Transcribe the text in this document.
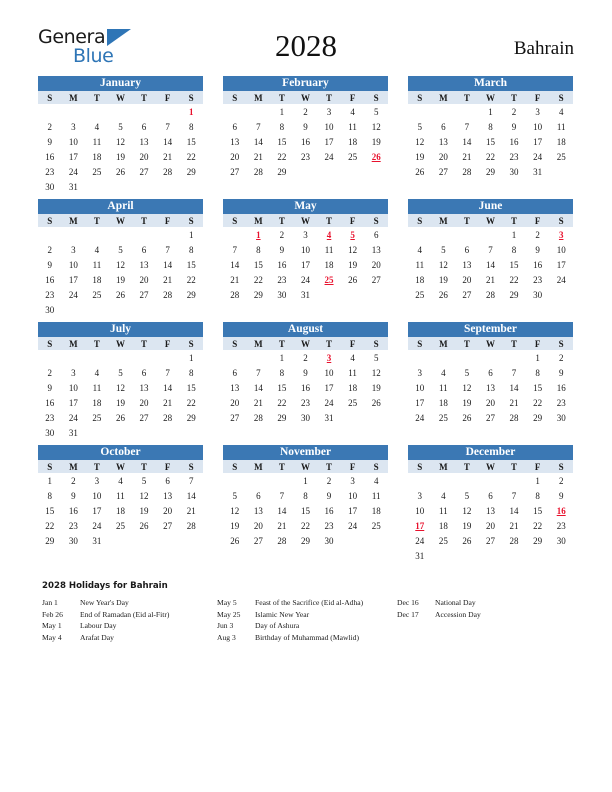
General
Blue	2028	Bahrain
January
S	M	T	W	T	F	S
						1
2	3	4	5	6	7	8
9	10	11	12	13	14	15
16	17	18	19	20	21	22
23	24	25	26	27	28	29
30	31					
February
S	M	T	W	T	F	S
		1	2	3	4	5
6	7	8	9	10	11	12
13	14	15	16	17	18	19
20	21	22	23	24	25	26
27	28	29				
March
S	M	T	W	T	F	S
			1	2	3	4
5	6	7	8	9	10	11
12	13	14	15	16	17	18
19	20	21	22	23	24	25
26	27	28	29	30	31	
April
S	M	T	W	T	F	S
						1
2	3	4	5	6	7	8
9	10	11	12	13	14	15
16	17	18	19	20	21	22
23	24	25	26	27	28	29
30						
May
S	M	T	W	T	F	S
	1	2	3	4	5	6
7	8	9	10	11	12	13
14	15	16	17	18	19	20
21	22	23	24	25	26	27
28	29	30	31			
June
S	M	T	W	T	F	S
				1	2	3
4	5	6	7	8	9	10
11	12	13	14	15	16	17
18	19	20	21	22	23	24
25	26	27	28	29	30	
July
S	M	T	W	T	F	S
						1
2	3	4	5	6	7	8
9	10	11	12	13	14	15
16	17	18	19	20	21	22
23	24	25	26	27	28	29
30	31					
August
S	M	T	W	T	F	S
		1	2	3	4	5
6	7	8	9	10	11	12
13	14	15	16	17	18	19
20	21	22	23	24	25	26
27	28	29	30	31		
September
S	M	T	W	T	F	S
					1	2
3	4	5	6	7	8	9
10	11	12	13	14	15	16
17	18	19	20	21	22	23
24	25	26	27	28	29	30
October
S	M	T	W	T	F	S
1	2	3	4	5	6	7
8	9	10	11	12	13	14
15	16	17	18	19	20	21
22	23	24	25	26	27	28
29	30	31				
November
S	M	T	W	T	F	S
			1	2	3	4
5	6	7	8	9	10	11
12	13	14	15	16	17	18
19	20	21	22	23	24	25
26	27	28	29	30		
December
S	M	T	W	T	F	S
					1	2
3	4	5	6	7	8	9
10	11	12	13	14	15	16
17	18	19	20	21	22	23
24	25	26	27	28	29	30
31						
2028 Holidays for Bahrain
Jan 1	New Year's Day
Feb 26	End of Ramadan (Eid al-Fitr)
May 1	Labour Day
May 4	Arafat Day
May 5	Feast of the Sacrifice (Eid al-Adha)
May 25	Islamic New Year
Jun 3	Day of Ashura
Aug 3	Birthday of Muhammad (Mawlid)
Dec 16	National Day
Dec 17	Accession Day
